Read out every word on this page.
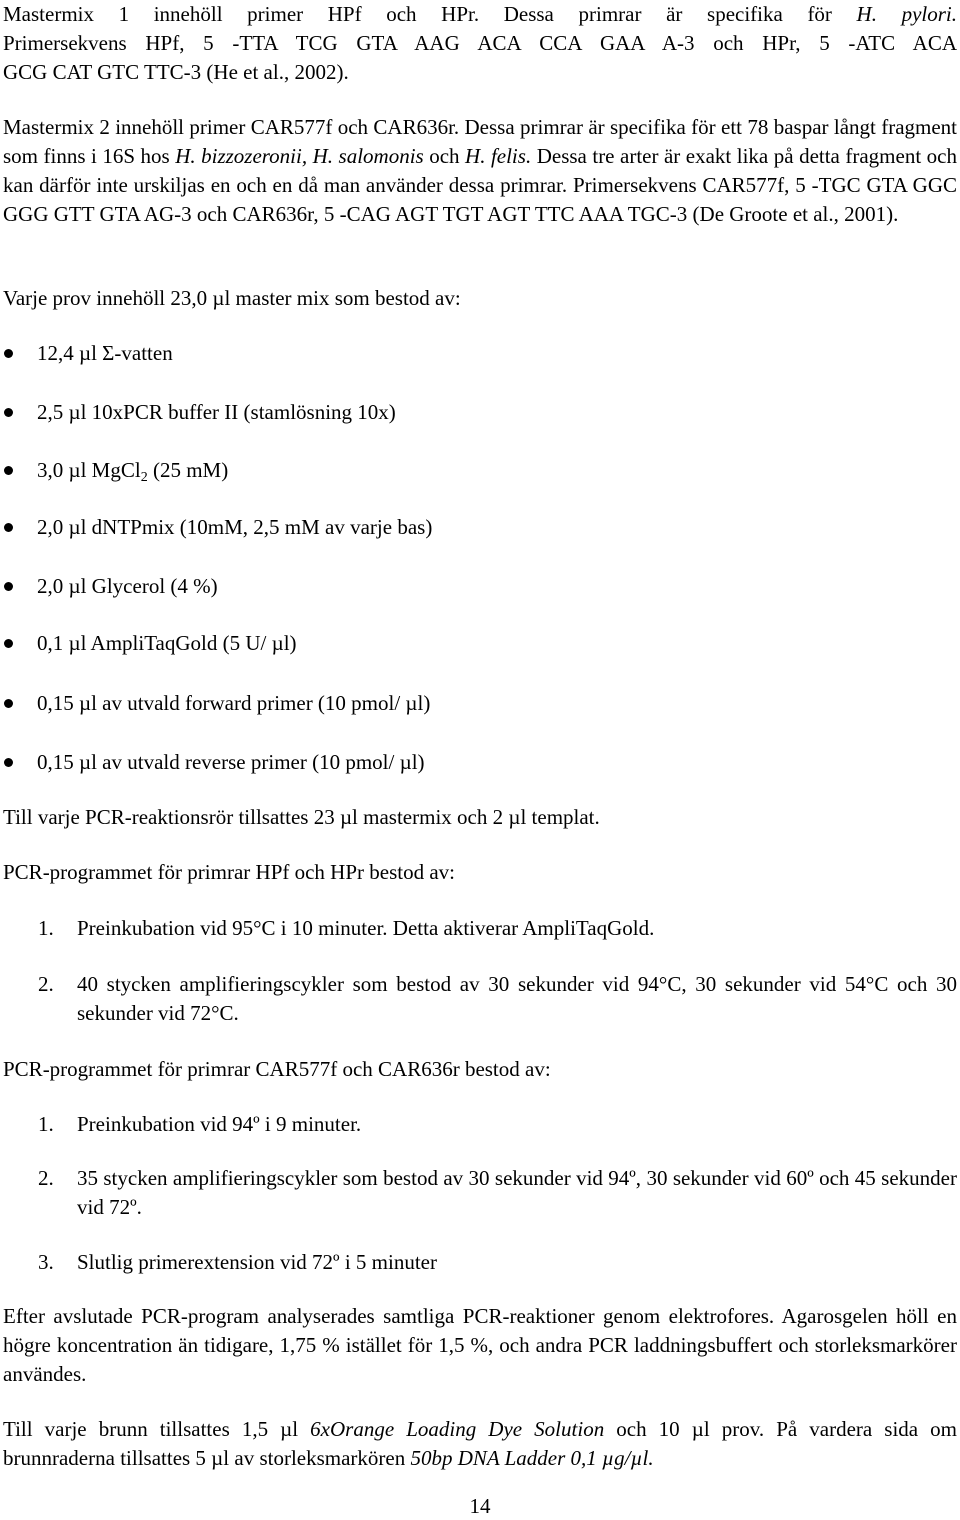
Mastermix 1 innehöll primer HPf och HPr. Dessa primrar är specifika för H. pylori.
Primersekvens HPf, 5 -TTA TCG GTA AAG ACA CCA GAA A-3 och HPr, 5 -ATC ACA
GCG CAT GTC TTC-3 (He et al., 2002).

Mastermix 2 innehöll primer CAR577f och CAR636r. Dessa primrar är specifika för ett 78 baspar långt fragment som finns i 16S hos H. bizzozeronii, H. salomonis och H. felis. Dessa tre arter är exakt lika på detta fragment och kan därför inte urskiljas en och en då man använder dessa primrar. Primersekvens CAR577f, 5 -TGC GTA GGC GGG GTT GTA AG-3 och CAR636r, 5 -CAG AGT TGT AGT TTC AAA TGC-3 (De Groote et al., 2001).

Varje prov innehöll 23,0 µl master mix som bestod av:
12,4 µl Σ-vatten
2,5 µl 10xPCR buffer II (stamlösning 10x)
3,0 µl MgCl$_2$ (25 mM)
2,0 µl dNTPmix (10mM, 2,5 mM av varje bas)
2,0 µl Glycerol (4 %)
0,1 µl AmpliTaqGold (5 U/ µl)
0,15 µl av utvald forward primer (10 pmol/ µl)
0,15 µl av utvald reverse primer (10 pmol/ µl)
Till varje PCR-reaktionsrör tillsattes 23 µl mastermix och 2 µl templat.
PCR-programmet för primrar HPf och HPr bestod av:
1. Preinkubation vid 95°C i 10 minuter. Detta aktiverar AmpliTaqGold.
2. 40 stycken amplifieringscykler som bestod av 30 sekunder vid 94°C, 30 sekunder vid 54°C och 30 sekunder vid 72°C.
PCR-programmet för primrar CAR577f och CAR636r bestod av:
1. Preinkubation vid 94º i 9 minuter.
2. 35 stycken amplifieringscykler som bestod av 30 sekunder vid 94º, 30 sekunder vid 60º och 45 sekunder vid 72º.
3. Slutlig primerextension vid 72º i 5 minuter

Efter avslutade PCR-program analyserades samtliga PCR-reaktioner genom elektrofores. Agarosgelen höll en högre koncentration än tidigare, 1,75 % istället för 1,5 %, och andra PCR laddningsbuffert och storleksmarkörer användes.

Till varje brunn tillsattes 1,5 µl 6xOrange Loading Dye Solution och 10 µl prov. På vardera sida om brunnraderna tillsattes 5 µl av storleksmarkören 50bp DNA Ladder 0,1 µg/µl.

14
